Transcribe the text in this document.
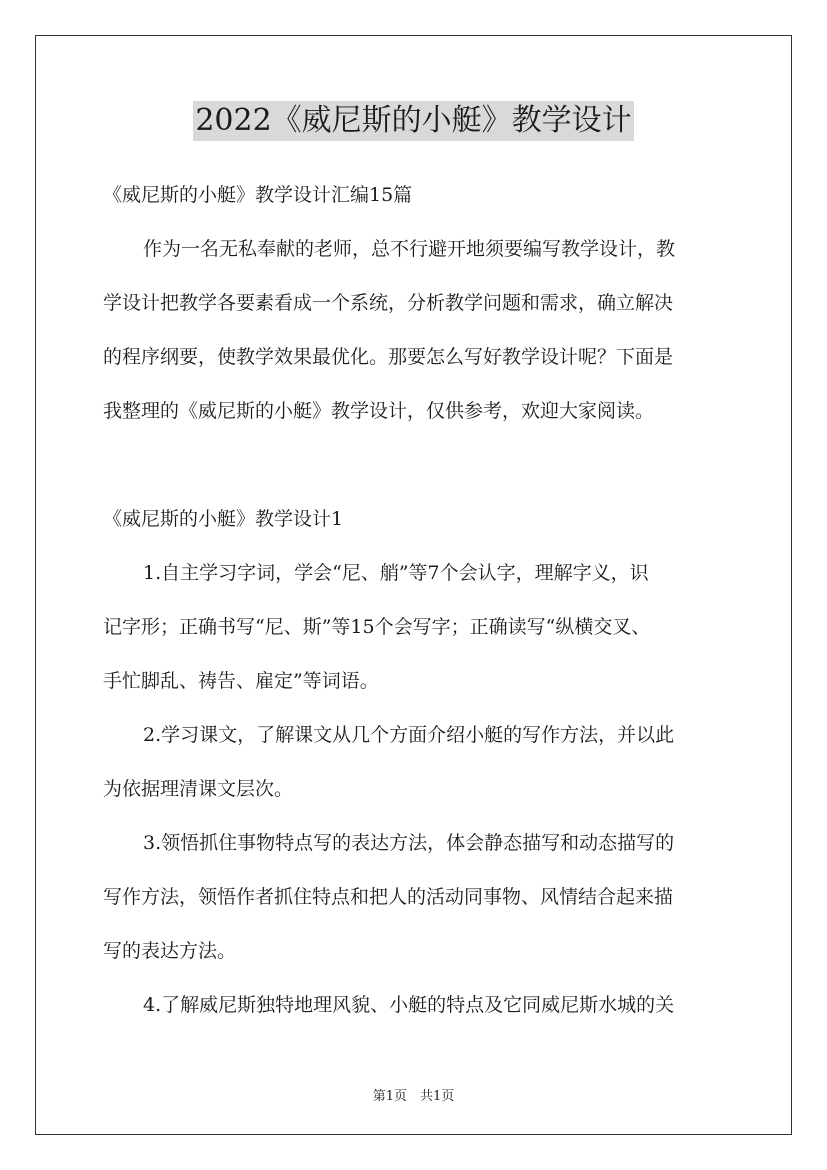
2022《威尼斯的小艇》教学设计
《威尼斯的小艇》教学设计汇编15篇
作为一名无私奉献的老师，总不行避开地须要编写教学设计，教
学设计把教学各要素看成一个系统，分析教学问题和需求，确立解决
的程序纲要，使教学效果最优化。那要怎么写好教学设计呢？下面是
我整理的《威尼斯的小艇》教学设计，仅供参考，欢迎大家阅读。
《威尼斯的小艇》教学设计1
1.自主学习字词，学会“尼、艄”等7个会认字，理解字义，识
记字形；正确书写“尼、斯”等15个会写字；正确读写“纵横交叉、
手忙脚乱、祷告、雇定”等词语。
2.学习课文，了解课文从几个方面介绍小艇的写作方法，并以此
为依据理清课文层次。
3.领悟抓住事物特点写的表达方法，体会静态描写和动态描写的
写作方法，领悟作者抓住特点和把人的活动同事物、风情结合起来描
写的表达方法。
4.了解威尼斯独特地理风貌、小艇的特点及它同威尼斯水城的关
第1页　共1页
